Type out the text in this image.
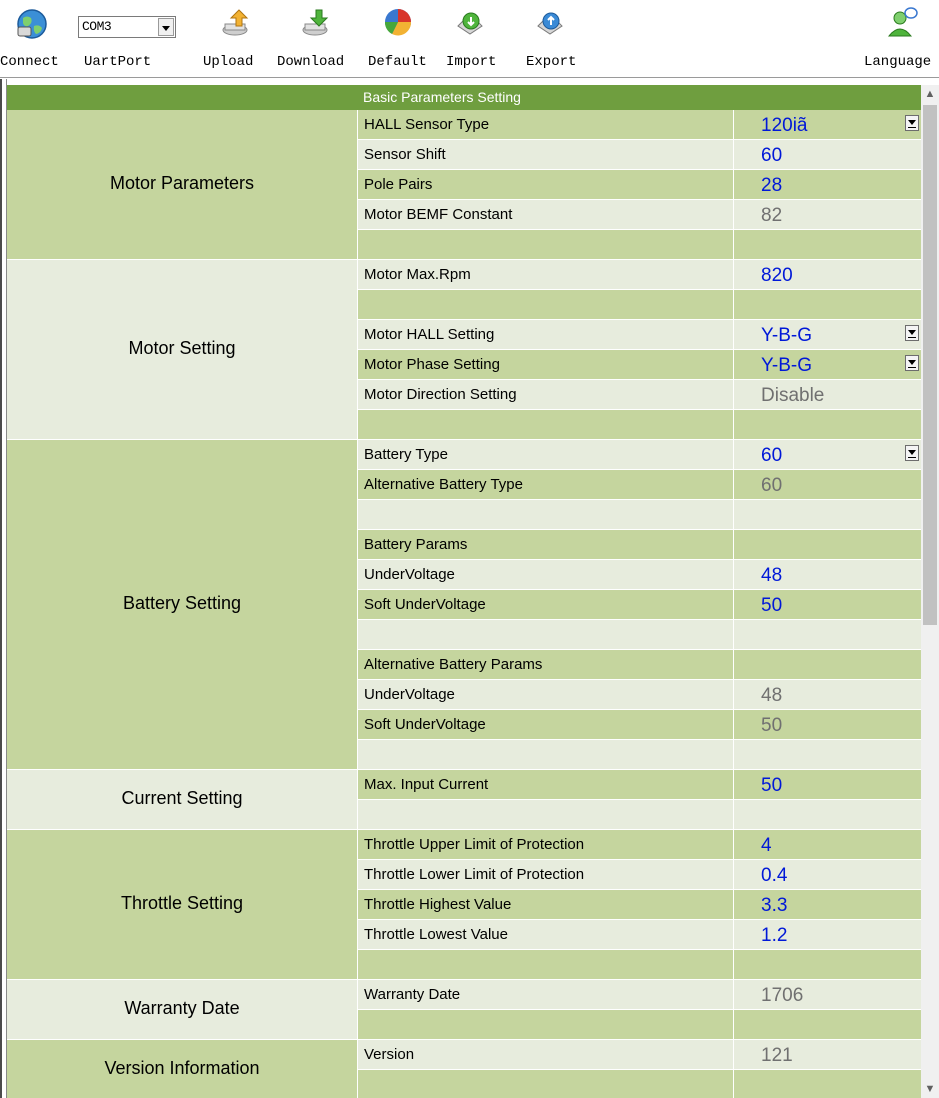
Connect
COM3
UartPort	Upload Download Default Import Export	Language
Basic Parameters Setting
Motor Parameters
HALL Sensor Type	120iã
Sensor Shift	60
Pole Pairs	28
Motor BEMF Constant	82
Motor Setting
Motor Max.Rpm	820
Motor HALL Setting	Y-B-G
Motor Phase Setting	Y-B-G
Motor Direction Setting	Disable
Battery Setting
Battery Type	60
Alternative Battery Type	60
Battery Params
UnderVoltage	48
Soft UnderVoltage	50
Alternative Battery Params
UnderVoltage	48
Soft UnderVoltage	50
Current Setting
Max. Input Current	50
Throttle Setting
Throttle Upper Limit of Protection	4
Throttle Lower Limit of Protection	0.4
Throttle Highest Value	3.3
Throttle Lowest Value	1.2
Warranty Date
Warranty Date	1706
Version Information
Version	121
▲
▼
